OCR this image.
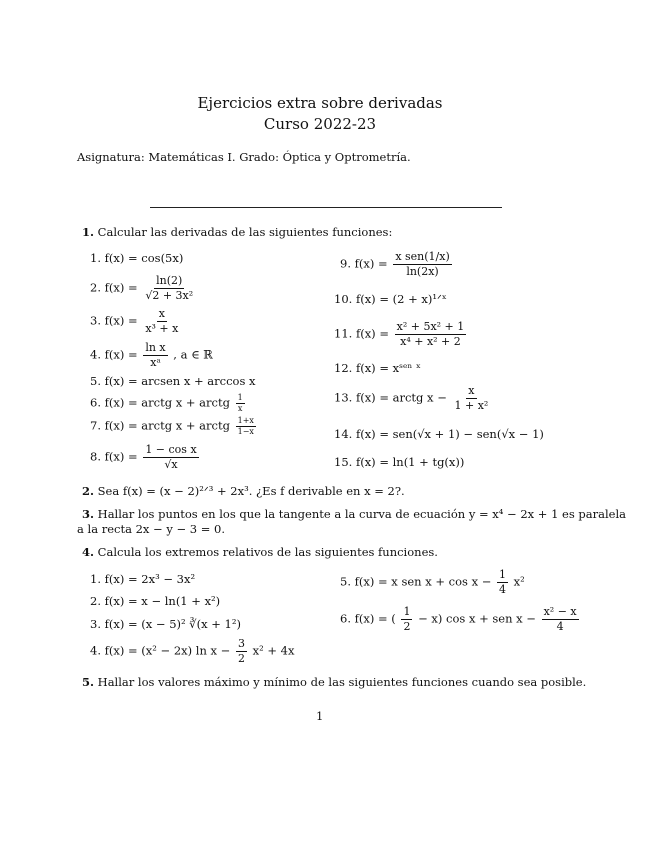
Ejercicios extra sobre derivadas
Curso 2022-23
Asignatura: Matemáticas I. Grado: Óptica y Optrometría.
1. Calcular las derivadas de las siguientes funciones:
1. f(x) = cos(5x)
2. $f(x) = \frac{\ln(2)}{\text{√2 + 3x²}}$
3. $f(x) = \frac{x}{\text{x³ + x}}$
4. $f(x) = \frac{\text{ln x}}{\text{xᵃ}}$ , a ∈ ℝ
5. f(x) = arcsen x + arccos x
6. f(x) = arctg x + arctg $\frac{1}{x}$
7. f(x) = arctg x + arctg $\frac{1+x}{1-x}$
8. $f(x) = \frac{\text{1 − cos x}}{√x}$
9. $f(x) = \frac{\text{x sen(1/x)}}{\ln(2x)}$
10. f(x) = (2 + x)¹ᐟˣ
11. $f(x) = \frac{\text{x² + 5x² + 1}}{\text{x⁴ + x² + 2}}$
12. f(x) = xˢᵉⁿ ˣ
13. f(x) = arctg $x - \frac{x}{\text{1 + x²}}$
14. f(x) = sen(√x + 1) − sen(√x − 1)
15. f(x) = ln(1 + tg(x))
2. Sea f(x) = (x − 2)²ᐟ³ + 2x³. ¿Es f derivable en x = 2?.
3. Hallar los puntos en los que la tangente a la curva de ecuación y = x⁴ − 2x + 1 es paralela
a la recta 2x − y − 3 = 0.
4. Calcula los extremos relativos de las siguientes funciones.
1. f(x) = 2x³ − 3x²
2. f(x) = x − ln(1 + x²)
3. f(x) = (x − 5)² ∛(x + 1²)
4. f(x) = (x² − 2x) $\ln x - \frac{3}{2} x^2 + 4x$
5. f(x) = x sen $x + \cos x - \frac{1}{4} x^2$
6. f(x) = ( $\frac{1}{2} - x$) cos x + sen $x - \frac{\text{x² − x}}{4}$
5. Hallar los valores máximo y mínimo de las siguientes funciones cuando sea posible.
1
